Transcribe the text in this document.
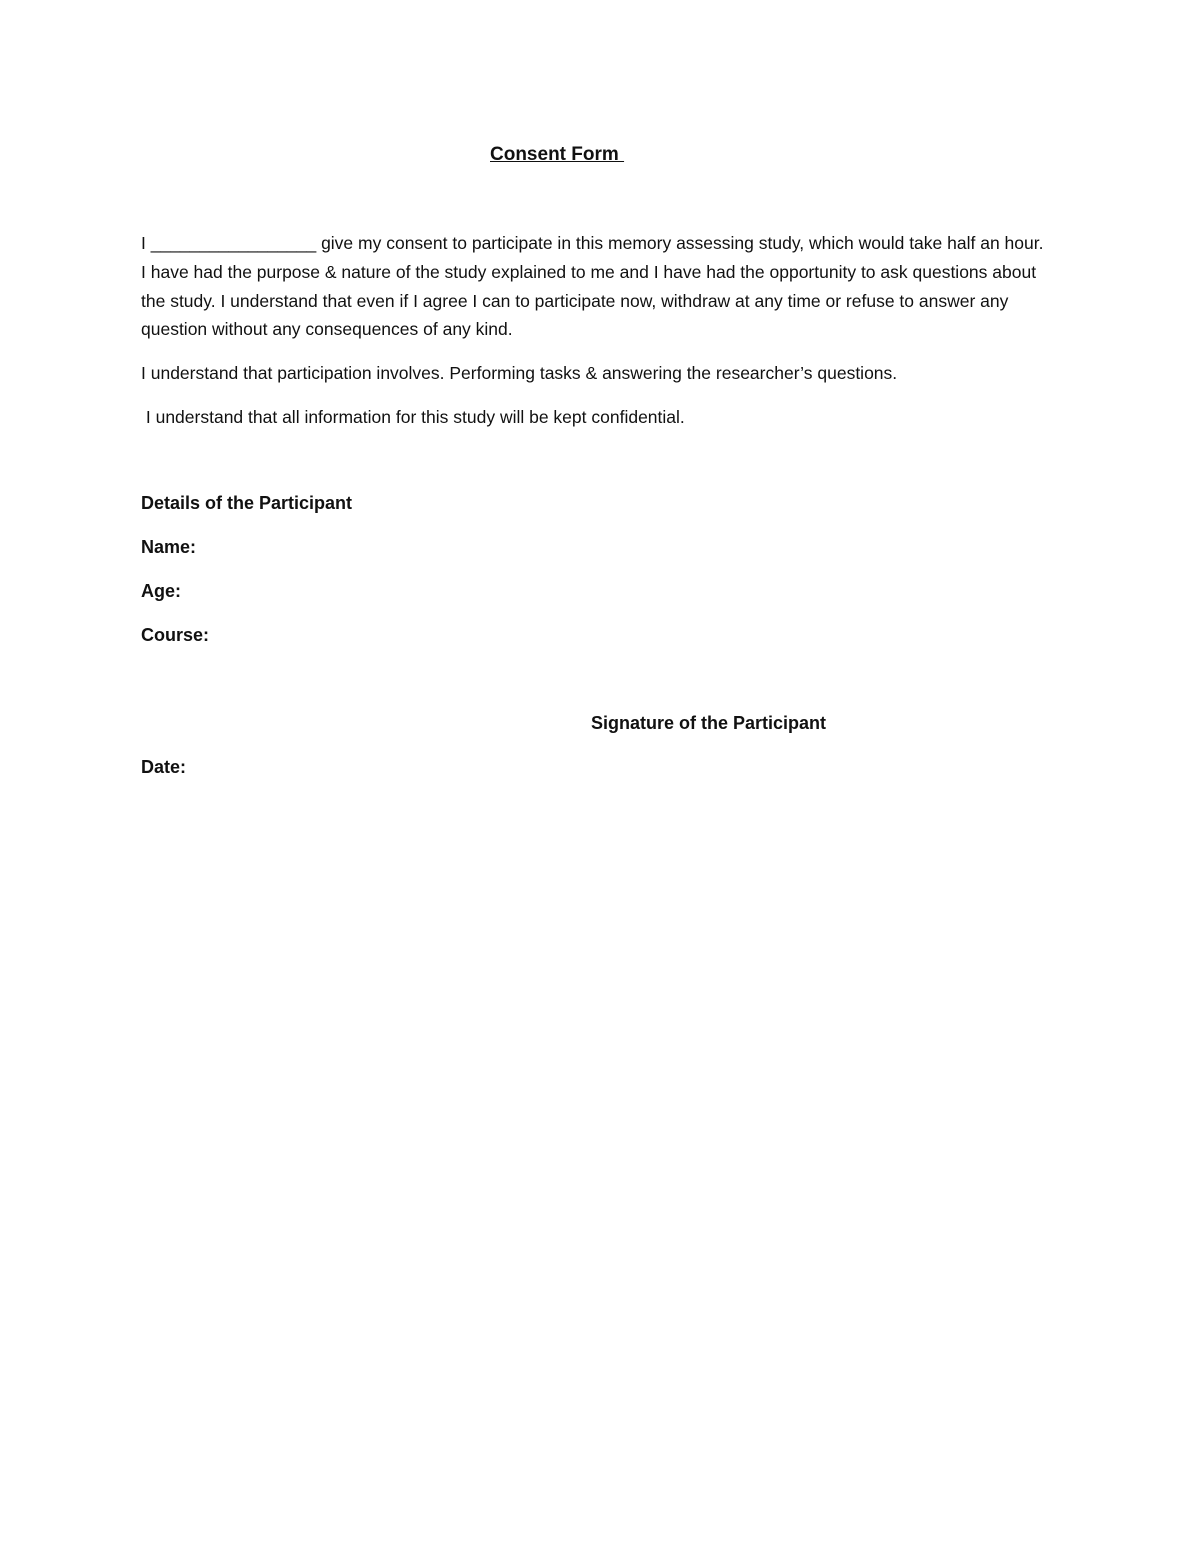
Consent Form

I _________________ give my consent to participate in this memory assessing study, which would take half an hour. I have had the purpose & nature of the study explained to me and I have had the opportunity to ask questions about the study. I understand that even if I agree I can to participate now, withdraw at any time or refuse to answer any question without any consequences of any kind.

I understand that participation involves. Performing tasks & answering the researcher’s questions.

I understand that all information for this study will be kept confidential.

Details of the Participant
Name:
Age:
Course:
Signature of the Participant
Date:
